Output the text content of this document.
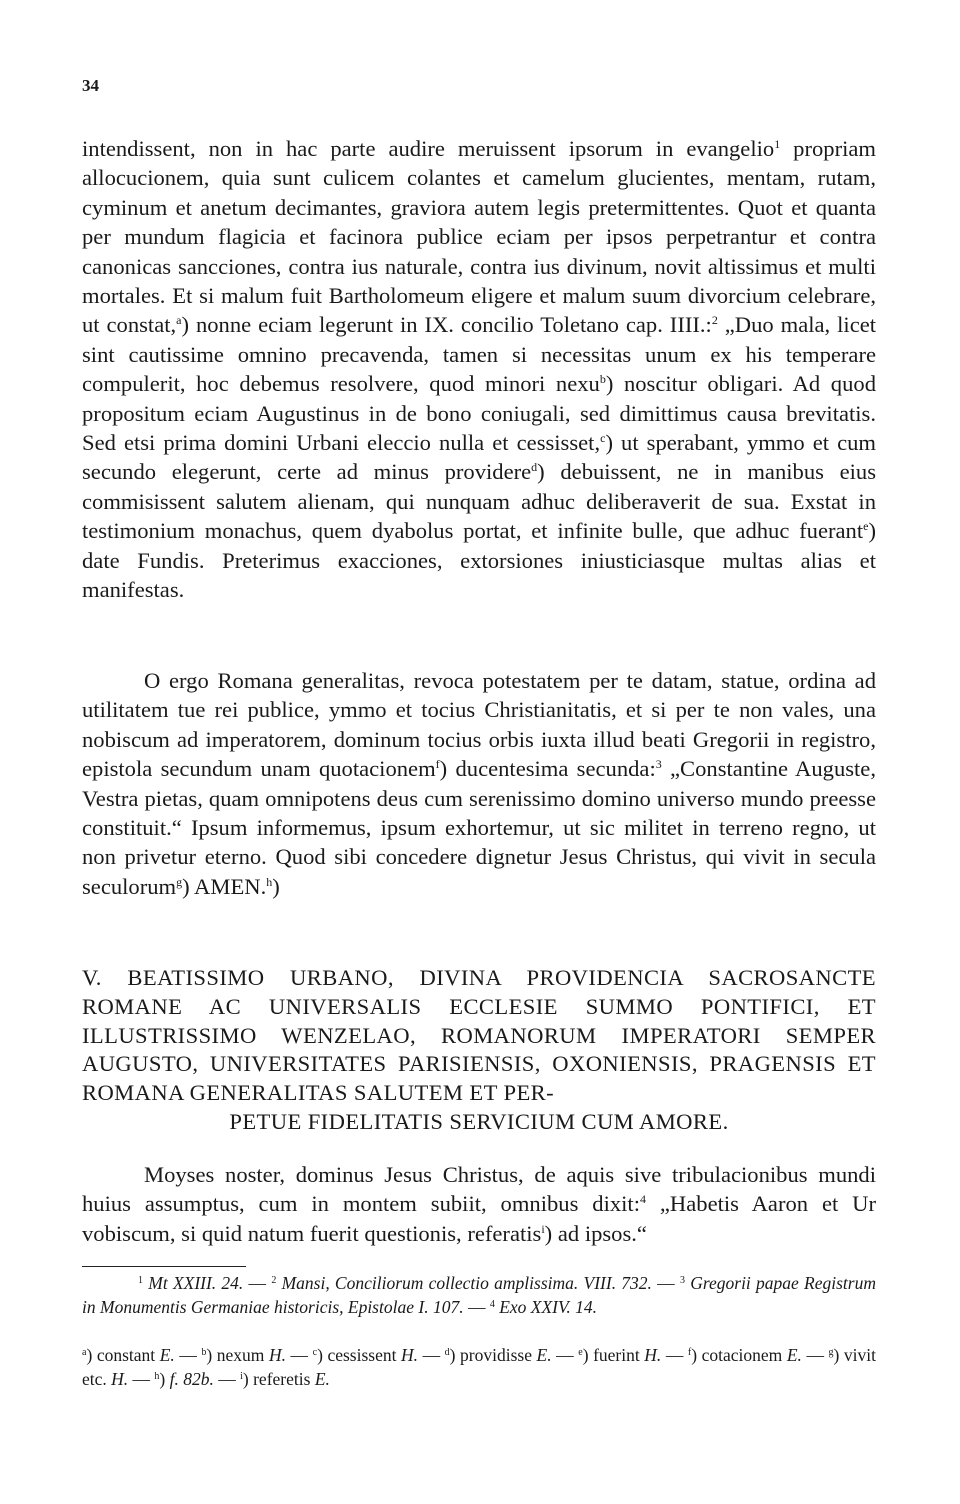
34

intendissent, non in hac parte audire meruissent ipsorum in evangelio$^1$ propriam allocucionem, quia sunt culicem colantes et camelum glucientes, mentam, rutam, cyminum et anetum decimantes, graviora autem legis pretermittentes. Quot et quanta per mundum flagicia et facinora publice eciam per ipsos perpetrantur et contra canonicas sancciones, contra ius naturale, contra ius divinum, novit altissimus et multi mortales. Et si malum fuit Bartholomeum eligere et malum suum divorcium celebrare, ut constat,$^a$) nonne eciam legerunt in IX. concilio Toletano cap. IIII.:$^2$ „Duo mala, licet sint cautissime omnino precavenda, tamen si necessitas unum ex his temperare compulerit, hoc debemus resolvere, quod minori nexu$^b$) noscitur obligari. Ad quod propositum eciam Augustinus in de bono coniugali, sed dimittimus causa brevitatis. Sed etsi prima domini Urbani eleccio nulla et cessisset,$^c$) ut sperabant, ymmo et cum secundo elegerunt, certe ad minus providere$^d$) debuissent, ne in manibus eius commisissent salutem alienam, qui nunquam adhuc deliberaverit de sua. Exstat in testimonium monachus, quem dyabolus portat, et infinite bulle, que adhuc fuerant$^e$) date Fundis. Preterimus exacciones, extorsiones iniusticiasque multas alias et manifestas.

O ergo Romana generalitas, revoca potestatem per te datam, statue, ordina ad utilitatem tue rei publice, ymmo et tocius Christianitatis, et si per te non vales, una nobiscum ad imperatorem, dominum tocius orbis iuxta illud beati Gregorii in registro, epistola secundum unam quotacionem$^f$) ducentesima secunda:$^3$ „Constantine Auguste, Vestra pietas, quam omnipotens deus cum serenissimo domino universo mundo preesse constituit.“ Ipsum informemus, ipsum exhortemur, ut sic militet in terreno regno, ut non privetur eterno. Quod sibi concedere dignetur Jesus Christus, qui vivit in secula seculorum$^g$) AMEN.$^h$)

V. BEATISSIMO URBANO, DIVINA PROVIDENCIA SACROSANCTE ROMANE AC UNIVERSALIS ECCLESIE SUMMO PONTIFICI, ET ILLUSTRISSIMO WENZELAO, ROMANORUM IMPERATORI SEMPER AUGUSTO, UNIVERSITATES PARISIENSIS, OXONIENSIS, PRAGENSIS ET ROMANA GENERALITAS SALUTEM ET PER-
PETUE FIDELITATIS SERVICIUM CUM AMORE.

Moyses noster, dominus Jesus Christus, de aquis sive tribulacionibus mundi huius assumptus, cum in montem subiit, omnibus dixit:$^4$ „Habetis Aaron et Ur vobiscum, si quid natum fuerit questionis, referatis$^i$) ad ipsos.“

$^1$ Mt XXIII. 24. — $^2$ Mansi, Conciliorum collectio amplissima. VIII. 732. — $^3$ Gregorii papae Registrum in Monumentis Germaniae historicis, Epistolae I. 107. — $^4$ Exo XXIV. 14.
$^a$) constant E. — $^b$) nexum H. — $^c$) cessissent H. — $^d$) providisse E. — $^e$) fuerint H. — $^f$) cotacionem E. — $^g$) vivit etc. H. — $^h$) f. 82b. — $^i$) referetis E.
